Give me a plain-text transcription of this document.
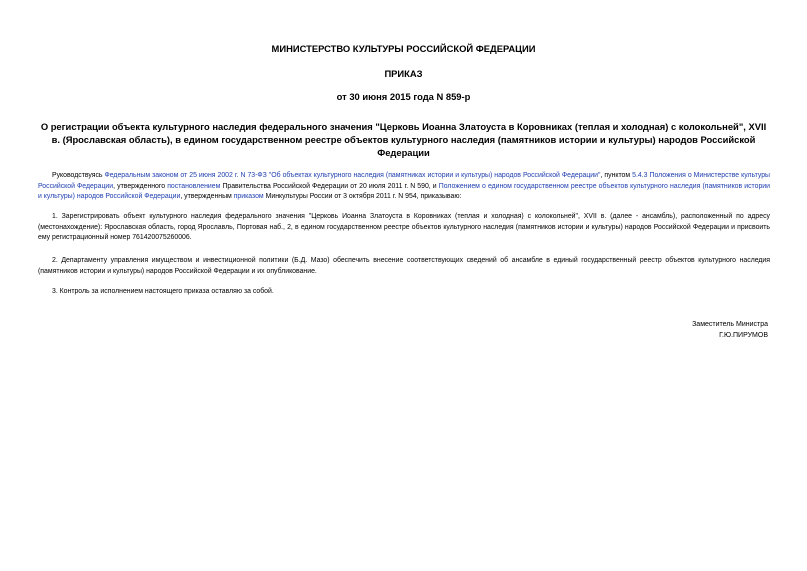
МИНИСТЕРСТВО КУЛЬТУРЫ РОССИЙСКОЙ ФЕДЕРАЦИИ
ПРИКАЗ
от 30 июня 2015 года N 859-р
О регистрации объекта культурного наследия федерального значения "Церковь Иоанна Златоуста в Коровниках (теплая и холодная) с колокольней", XVII в. (Ярославская область), в едином государственном реестре объектов культурного наследия (памятников истории и культуры) народов Российской Федерации
Руководствуясь Федеральным законом от 25 июня 2002 г. N 73-ФЗ "Об объектах культурного наследия (памятниках истории и культуры) народов Российской Федерации", пунктом 5.4.3 Положения о Министерстве культуры Российской Федерации, утвержденного постановлением Правительства Российской Федерации от 20 июля 2011 г. N 590, и Положением о едином государственном реестре объектов культурного наследия (памятников истории и культуры) народов Российской Федерации, утвержденным приказом Минкультуры России от 3 октября 2011 г. N 954, приказываю:
1. Зарегистрировать объект культурного наследия федерального значения "Церковь Иоанна Златоуста в Коровниках (теплая и холодная) с колокольней", XVII в. (далее - ансамбль), расположенный по адресу (местонахождение): Ярославская область, город Ярославль, Портовая наб., 2, в едином государственном реестре объектов культурного наследия (памятников истории и культуры) народов Российской Федерации и присвоить ему регистрационный номер 761420075260006.
2. Департаменту управления имуществом и инвестиционной политики (Б.Д. Мазо) обеспечить внесение соответствующих сведений об ансамбле в единый государственный реестр объектов культурного наследия (памятников истории и культуры) народов Российской Федерации и их опубликование.
3. Контроль за исполнением настоящего приказа оставляю за собой.
Заместитель Министра
Г.Ю.ПИРУМОВ
